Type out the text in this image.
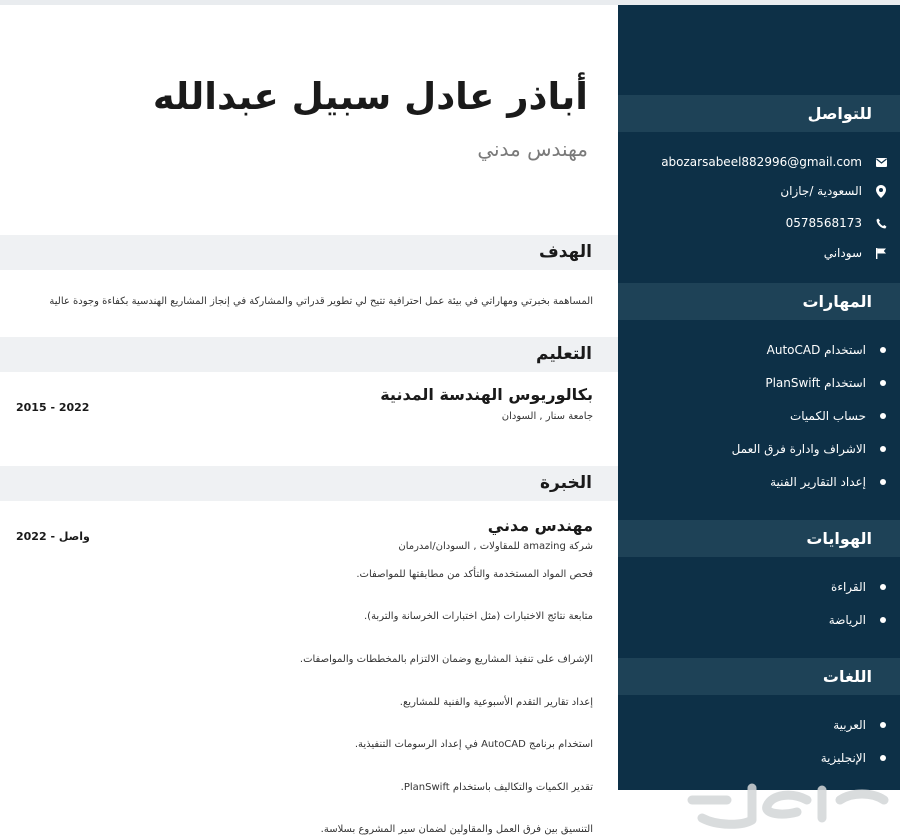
للتواصل
abozarsabeel882996@gmail.com
السعودية /جازان
0578568173
سوداني
المهارات
استخدام AutoCAD
استخدام PlanSwift
حساب الكميات
الاشراف وادارة فرق العمل
إعداد التقارير الفنية
الهوايات
القراءة
الرياضة
اللغات
العربية
الإنجليزية
أباذر عادل سبيل عبدالله
مهندس مدني
الهدف
المساهمة بخبرتي ومهاراتي في بيئة عمل احترافية تتيح لي تطوير قدراتي والمشاركة في إنجاز المشاريع الهندسية بكفاءة وجودة عالية
التعليم
بكالوريوس الهندسة المدنية
جامعة سنار , السودان
2015 - 2022
الخبرة
مهندس مدني
شركة amazing للمقاولات , السودان/امدرمان
2022 - واصل
فحص المواد المستخدمة والتأكد من مطابقتها للمواصفات.
متابعة نتائج الاختبارات (مثل اختبارات الخرسانة والتربة).
الإشراف على تنفيذ المشاريع وضمان الالتزام بالمخططات والمواصفات.
إعداد تقارير التقدم الأسبوعية والفنية للمشاريع.
استخدام برنامج AutoCAD في إعداد الرسومات التنفيذية.
تقدير الكميات والتكاليف باستخدام PlanSwift.
التنسيق بين فرق العمل والمقاولين لضمان سير المشروع بسلاسة.
